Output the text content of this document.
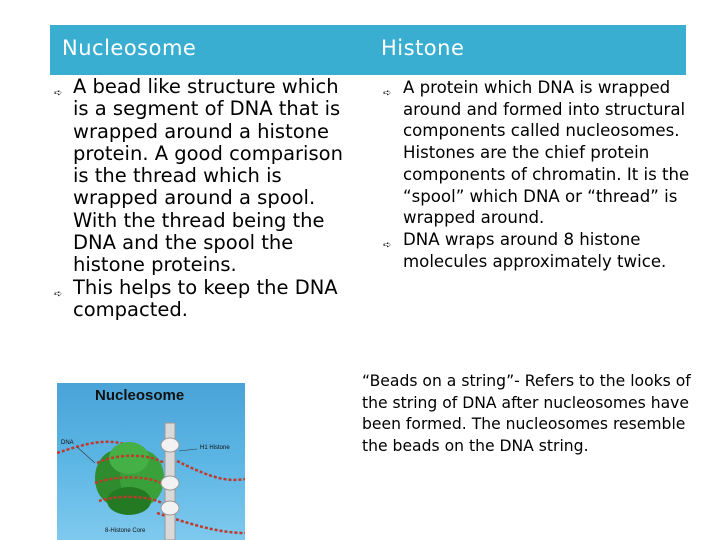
Nucleosome	Histone
➪ A bead like structure which is a segment of DNA that is wrapped around a histone protein. A good comparison is the thread which is wrapped around a spool. With the thread being the DNA and the spool the histone proteins.
➪ This helps to keep the DNA compacted.
➪ A protein which DNA is wrapped around and formed into structural components called nucleosomes. Histones are the chief protein components of chromatin. It is the “spool” which DNA or “thread” is wrapped around.
➪ DNA wraps around 8 histone molecules approximately twice.
Nucleosome
DNA
H1 Histone
8-Histone Core
“Beads on a string”- Refers to the looks of the string of DNA after nucleosomes have been formed. The nucleosomes resemble the beads on the DNA string.
